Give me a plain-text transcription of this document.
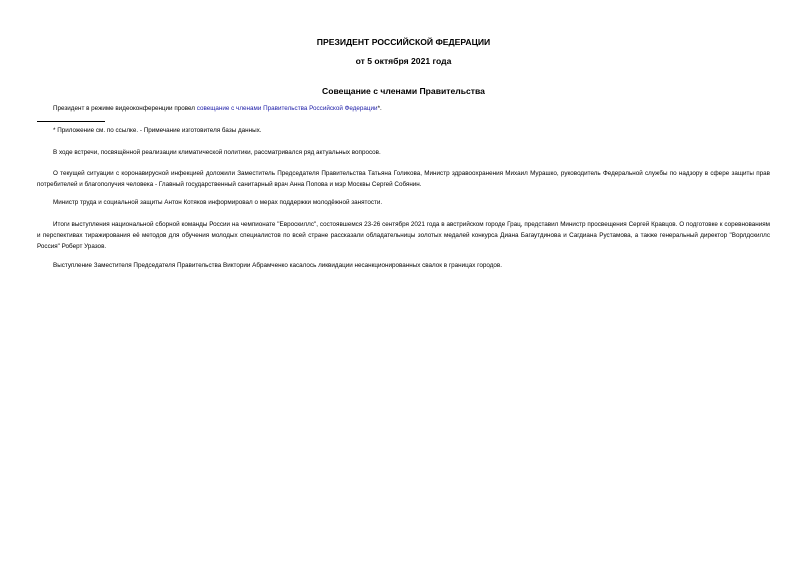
ПРЕЗИДЕНТ РОССИЙСКОЙ ФЕДЕРАЦИИ
от 5 октября 2021 года
Совещание с членами Правительства
Президент в режиме видеоконференции провел совещание с членами Правительства Российской Федерации*.
* Приложение см. по ссылке. - Примечание изготовителя базы данных.
В ходе встречи, посвящённой реализации климатической политики, рассматривался ряд актуальных вопросов.
О текущей ситуации с коронавирусной инфекцией доложили Заместитель Председателя Правительства Татьяна Голикова, Министр здравоохранения Михаил Мурашко, руководитель Федеральной службы по надзору в сфере защиты прав потребителей и благополучия человека - Главный государственный санитарный врач Анна Попова и мэр Москвы Сергей Собянин.
Министр труда и социальной защиты Антон Котяков информировал о мерах поддержки молодёжной занятости.
Итоги выступления национальной сборной команды России на чемпионате "Евроскиллс", состоявшемся 23-26 сентября 2021 года в австрийском городе Грац, представил Министр просвещения Сергей Кравцов. О подготовке к соревнованиям и перспективах тиражирования её методов для обучения молодых специалистов по всей стране рассказали обладательницы золотых медалей конкурса Диана Багаутдинова и Сагдиана Рустамова, а также генеральный директор "Ворлдскиллс Россия" Роберт Уразов.
Выступление Заместителя Председателя Правительства Виктории Абрамченко касалось ликвидации несанкционированных свалок в границах городов.
